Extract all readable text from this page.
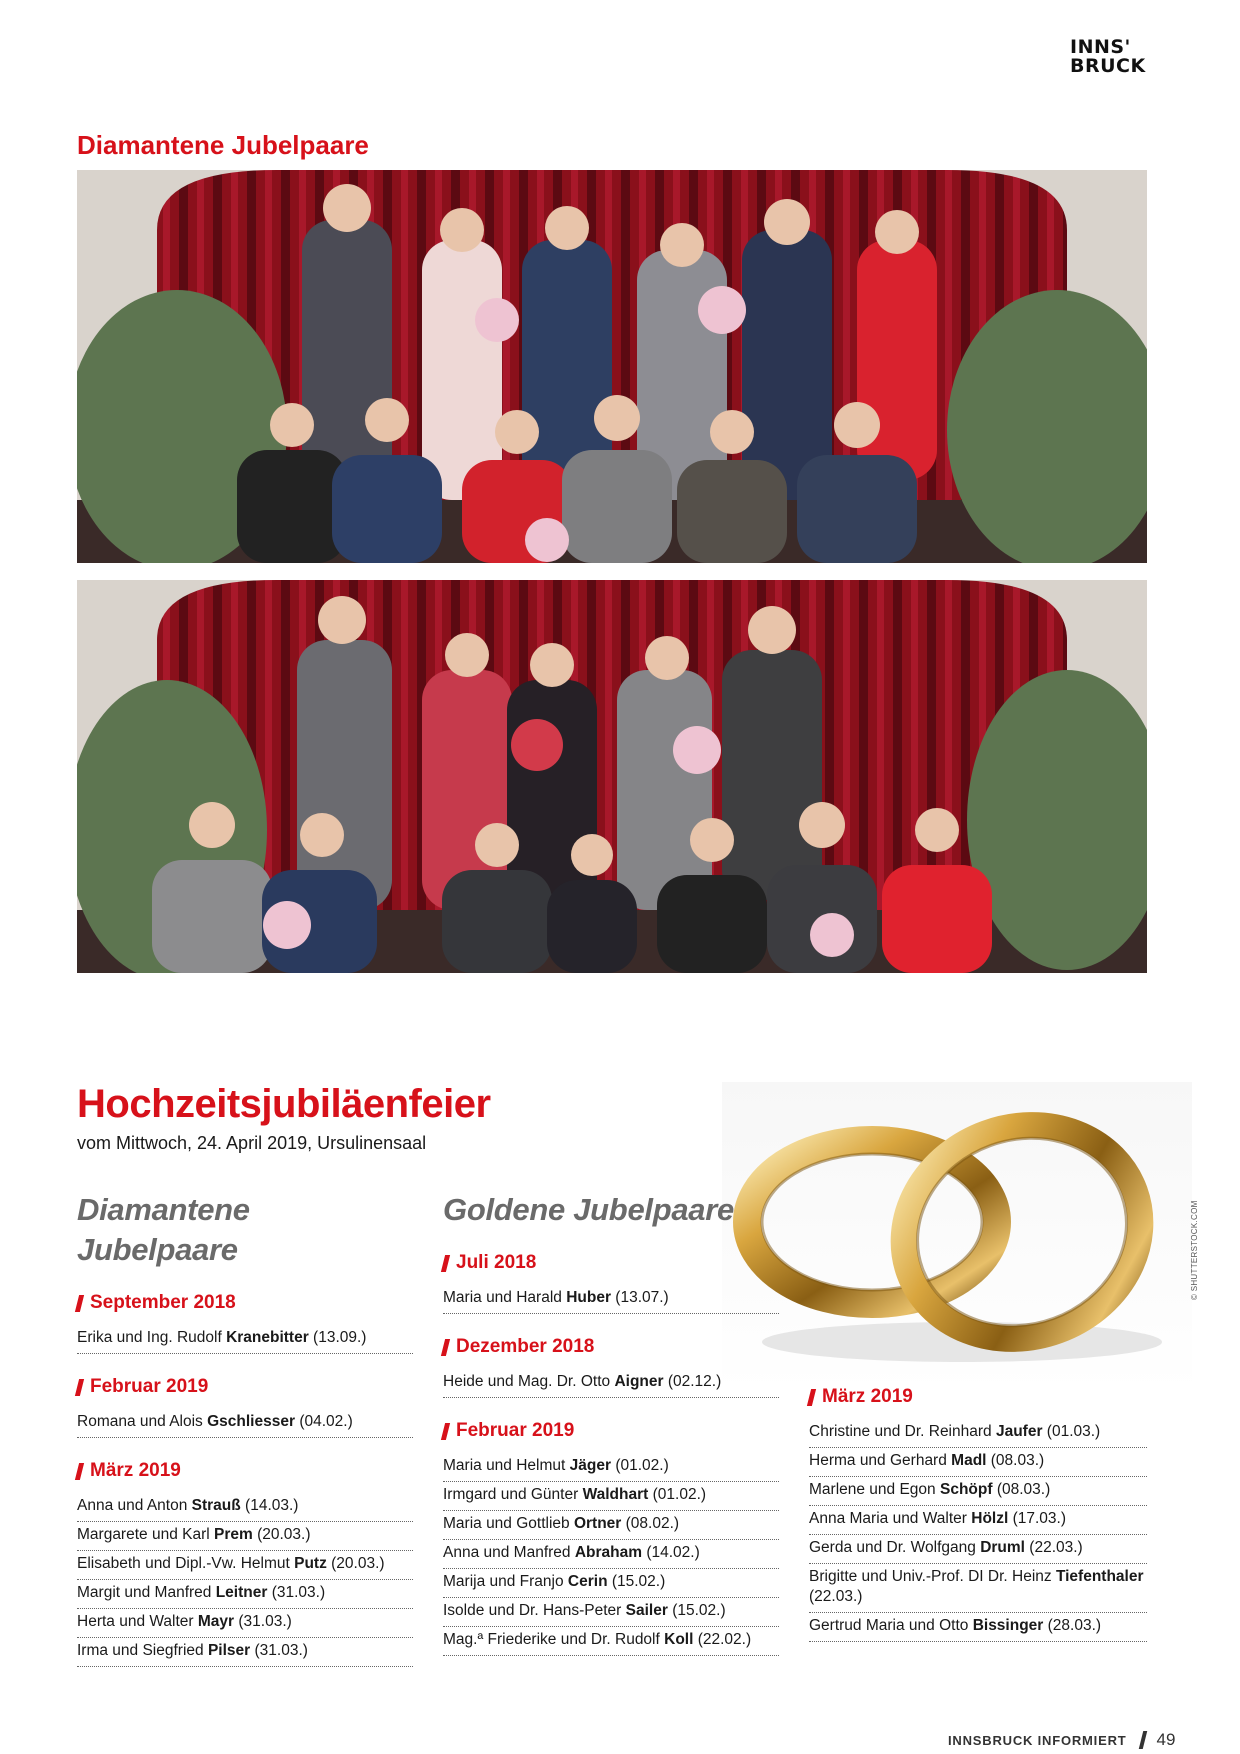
INNS'
BRUCK
Diamantene Jubelpaare
Hochzeitsjubiläenfeier
vom Mittwoch, 24. April 2019, Ursulinensaal
© SHUTTERSTOCK.COM
Diamantene Jubelpaare
September 2018
Erika und Ing. Rudolf Kranebitter (13.09.)
Februar 2019
Romana und Alois Gschliesser (04.02.)
März 2019
Anna und Anton Strauß (14.03.)
Margarete und Karl Prem (20.03.)
Elisabeth und Dipl.-Vw. Helmut Putz (20.03.)
Margit und Manfred Leitner (31.03.)
Herta und Walter Mayr (31.03.)
Irma und Siegfried Pilser (31.03.)
Goldene Jubelpaare
Juli 2018
Maria und Harald Huber (13.07.)
Dezember 2018
Heide und Mag. Dr. Otto Aigner (02.12.)
Februar 2019
Maria und Helmut Jäger (01.02.)
Irmgard und Günter Waldhart (01.02.)
Maria und Gottlieb Ortner (08.02.)
Anna und Manfred Abraham (14.02.)
Marija und Franjo Cerin (15.02.)
Isolde und Dr. Hans-Peter Sailer (15.02.)
Mag.ª Friederike und Dr. Rudolf Koll (22.02.)
März 2019
Christine und Dr. Reinhard Jaufer (01.03.)
Herma und Gerhard Madl (08.03.)
Marlene und Egon Schöpf (08.03.)
Anna Maria und Walter Hölzl (17.03.)
Gerda und Dr. Wolfgang Druml (22.03.)
Brigitte und Univ.-Prof. DI Dr. Heinz Tiefenthaler (22.03.)
Gertrud Maria und Otto Bissinger (28.03.)
INNSBRUCK INFORMIERT 49
